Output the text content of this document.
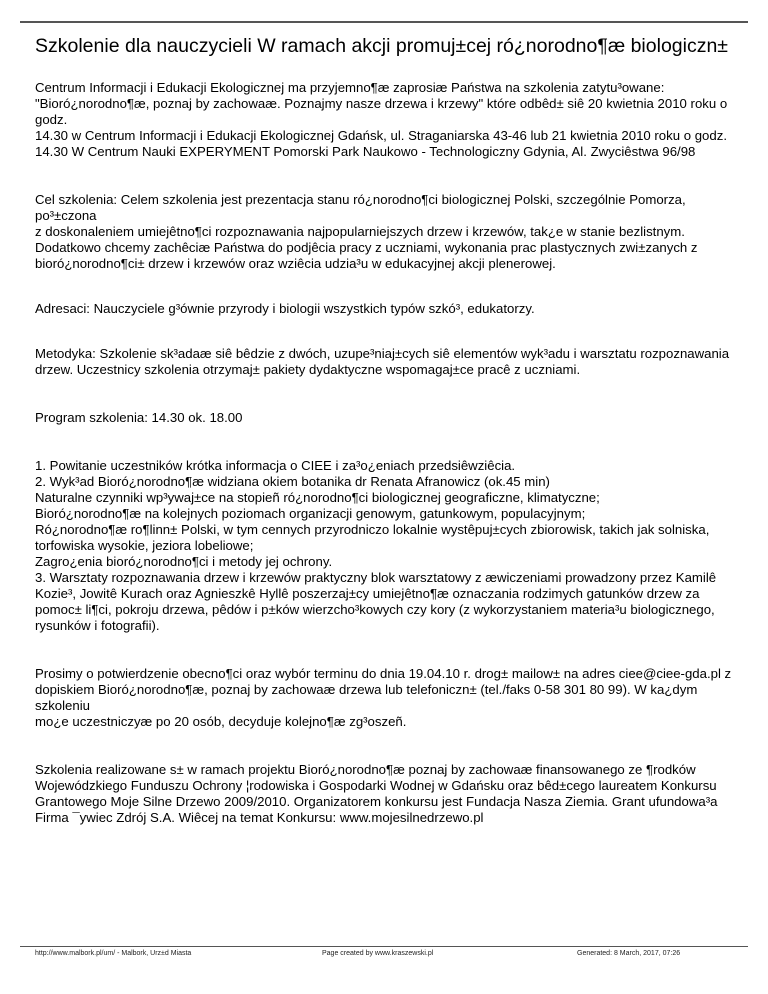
Szkolenie dla nauczycieli W ramach akcji promuj±cej ró¿norodno¶æ biologiczn±

Centrum Informacji i Edukacji Ekologicznej ma przyjemno¶æ zaprosiæ Państwa na szkolenia zatytu³owane:
"Bioró¿norodno¶æ, poznaj by zachowaæ. Poznajmy nasze drzewa i krzewy" które odbêd± siê 20 kwietnia 2010 roku o godz.
14.30 w Centrum Informacji i Edukacji Ekologicznej Gdańsk, ul. Straganiarska 43-46 lub 21 kwietnia 2010 roku o godz.
14.30 W Centrum Nauki EXPERYMENT Pomorski Park Naukowo - Technologiczny Gdynia, Al. Zwyciêstwa 96/98

Cel szkolenia: Celem szkolenia jest prezentacja stanu ró¿norodno¶ci biologicznej Polski, szczególnie Pomorza, po³±czona
z doskonaleniem umiejêtno¶ci rozpoznawania najpopularniejszych drzew i krzewów, tak¿e w stanie bezlistnym.
Dodatkowo chcemy zachêciæ Państwa do podjêcia pracy z uczniami, wykonania prac plastycznych zwi±zanych z
bioró¿norodno¶ci± drzew i krzewów oraz wziêcia udzia³u w edukacyjnej akcji plenerowej.

Adresaci: Nauczyciele g³ównie przyrody i biologii wszystkich typów szkó³, edukatorzy.

Metodyka: Szkolenie sk³adaæ siê bêdzie z dwóch, uzupe³niaj±cych siê elementów wyk³adu i warsztatu rozpoznawania
drzew. Uczestnicy szkolenia otrzymaj± pakiety dydaktyczne wspomagaj±ce pracê z uczniami.

Program szkolenia: 14.30 ok. 18.00

1. Powitanie uczestników krótka informacja o CIEE i za³o¿eniach przedsiêwziêcia.
2. Wyk³ad Bioró¿norodno¶æ widziana okiem botanika dr Renata Afranowicz (ok.45 min)
Naturalne czynniki wp³ywaj±ce na stopieñ ró¿norodno¶ci biologicznej geograficzne, klimatyczne;
Bioró¿norodno¶æ na kolejnych poziomach organizacji genowym, gatunkowym, populacyjnym;
Ró¿norodno¶æ ro¶linn± Polski, w tym cennych przyrodniczo lokalnie wystêpuj±cych zbiorowisk, takich jak solniska,
torfowiska wysokie, jeziora lobeliowe;
Zagro¿enia bioró¿norodno¶ci i metody jej ochrony.
3. Warsztaty rozpoznawania drzew i krzewów praktyczny blok warsztatowy z æwiczeniami prowadzony przez Kamilê
Kozie³, Jowitê Kurach oraz Agnieszkê Hyllê poszerzaj±cy umiejêtno¶æ oznaczania rodzimych gatunków drzew za
pomoc± li¶ci, pokroju drzewa, pêdów i p±ków wierzcho³kowych czy kory (z wykorzystaniem materia³u biologicznego,
rysunków i fotografii).

Prosimy o potwierdzenie obecno¶ci oraz wybór terminu do dnia 19.04.10 r. drog± mailow± na adres ciee@ciee-gda.pl z
dopiskiem Bioró¿norodno¶æ, poznaj by zachowaæ drzewa lub telefoniczn± (tel./faks 0-58 301 80 99). W ka¿dym szkoleniu
mo¿e uczestniczyæ po 20 osób, decyduje kolejno¶æ zg³oszeñ.

Szkolenia realizowane s± w ramach projektu Bioró¿norodno¶æ poznaj by zachowaæ finansowanego ze ¶rodków
Wojewódzkiego Funduszu Ochrony ¦rodowiska i Gospodarki Wodnej w Gdańsku oraz bêd±cego laureatem Konkursu
Grantowego Moje Silne Drzewo 2009/2010. Organizatorem konkursu jest Fundacja Nasza Ziemia. Grant ufundowa³a
Firma ¯ywiec Zdrój S.A. Wiêcej na temat Konkursu: www.mojesilnedrzewo.pl

http://www.malbork.pl/um/ - Malbork, Urz±d Miasta	Page created by www.kraszewski.pl	Generated: 8 March, 2017, 07:26
